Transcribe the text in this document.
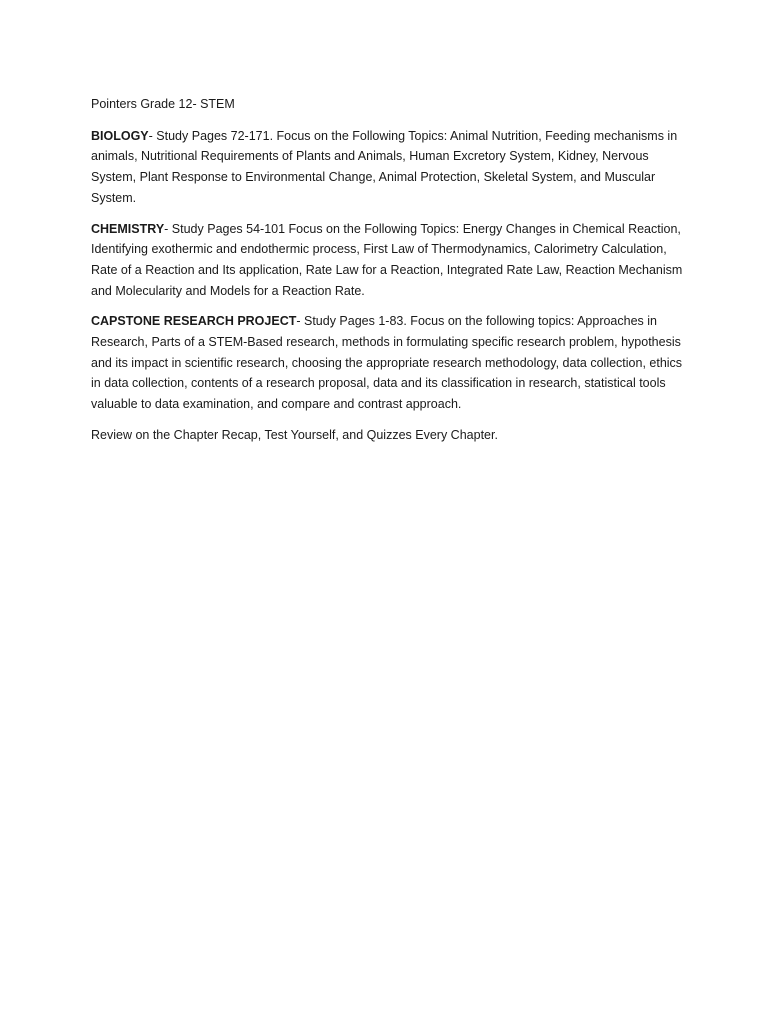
Pointers Grade 12- STEM

BIOLOGY- Study Pages 72-171. Focus on the Following Topics: Animal Nutrition, Feeding mechanisms in animals, Nutritional Requirements of Plants and Animals, Human Excretory System, Kidney, Nervous System, Plant Response to Environmental Change, Animal Protection, Skeletal System, and Muscular System.

CHEMISTRY- Study Pages 54-101 Focus on the Following Topics: Energy Changes in Chemical Reaction, Identifying exothermic and endothermic process, First Law of Thermodynamics, Calorimetry Calculation, Rate of a Reaction and Its application, Rate Law for a Reaction, Integrated Rate Law, Reaction Mechanism and Molecularity and Models for a Reaction Rate.

CAPSTONE RESEARCH PROJECT- Study Pages 1-83. Focus on the following topics: Approaches in Research, Parts of a STEM-Based research, methods in formulating specific research problem, hypothesis and its impact in scientific research, choosing the appropriate research methodology, data collection, ethics in data collection, contents of a research proposal, data and its classification in research, statistical tools valuable to data examination, and compare and contrast approach.

Review on the Chapter Recap, Test Yourself, and Quizzes Every Chapter.
